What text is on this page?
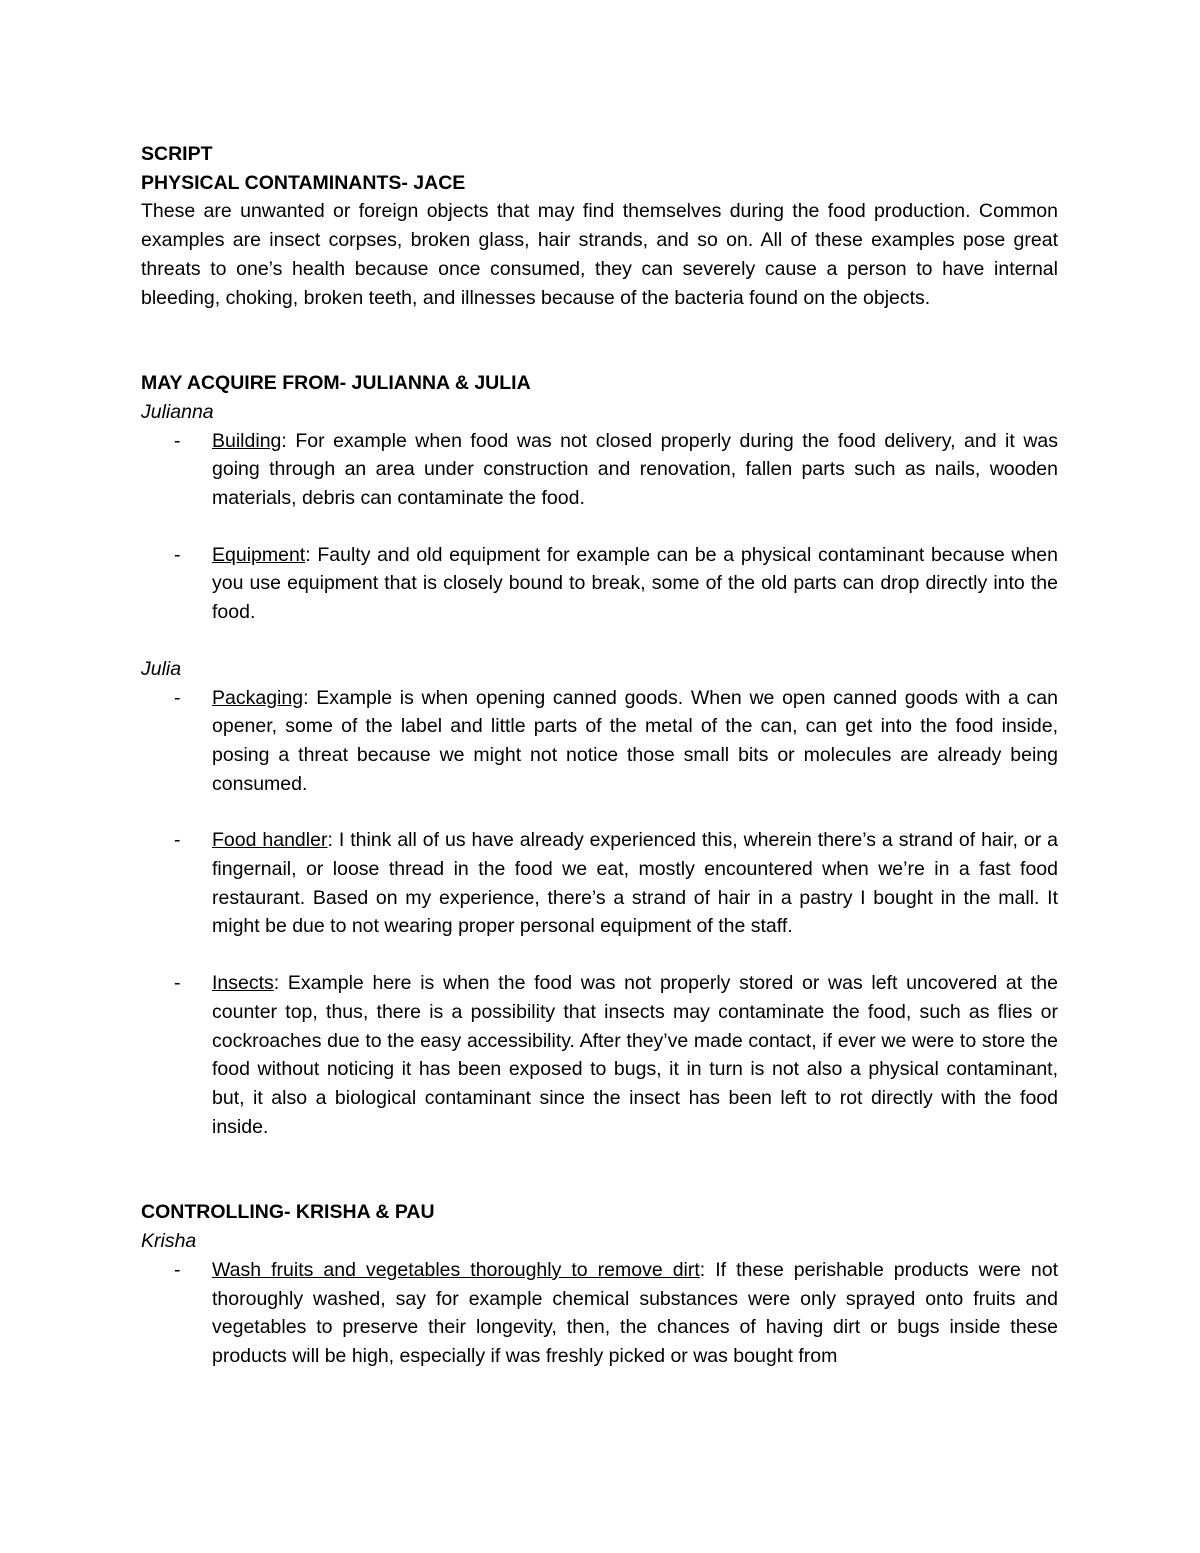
SCRIPT

PHYSICAL CONTAMINANTS- JACE

These are unwanted or foreign objects that may find themselves during the food production. Common examples are insect corpses, broken glass, hair strands, and so on. All of these examples pose great threats to one’s health because once consumed, they can severely cause a person to have internal bleeding, choking, broken teeth, and illnesses because of the bacteria found on the objects.

MAY ACQUIRE FROM- JULIANNA & JULIA

Julianna

- Building: For example when food was not closed properly during the food delivery, and it was going through an area under construction and renovation, fallen parts such as nails, wooden materials, debris can contaminate the food.

- Equipment: Faulty and old equipment for example can be a physical contaminant because when you use equipment that is closely bound to break, some of the old parts can drop directly into the food.

Julia

- Packaging: Example is when opening canned goods. When we open canned goods with a can opener, some of the label and little parts of the metal of the can, can get into the food inside, posing a threat because we might not notice those small bits or molecules are already being consumed.

- Food handler: I think all of us have already experienced this, wherein there’s a strand of hair, or a fingernail, or loose thread in the food we eat, mostly encountered when we’re in a fast food restaurant. Based on my experience, there’s a strand of hair in a pastry I bought in the mall. It might be due to not wearing proper personal equipment of the staff.

- Insects: Example here is when the food was not properly stored or was left uncovered at the counter top, thus, there is a possibility that insects may contaminate the food, such as flies or cockroaches due to the easy accessibility. After they’ve made contact, if ever we were to store the food without noticing it has been exposed to bugs, it in turn is not also a physical contaminant, but, it also a biological contaminant since the insect has been left to rot directly with the food inside.

CONTROLLING- KRISHA & PAU

Krisha

- Wash fruits and vegetables thoroughly to remove dirt: If these perishable products were not thoroughly washed, say for example chemical substances were only sprayed onto fruits and vegetables to preserve their longevity, then, the chances of having dirt or bugs inside these products will be high, especially if was freshly picked or was bought from
